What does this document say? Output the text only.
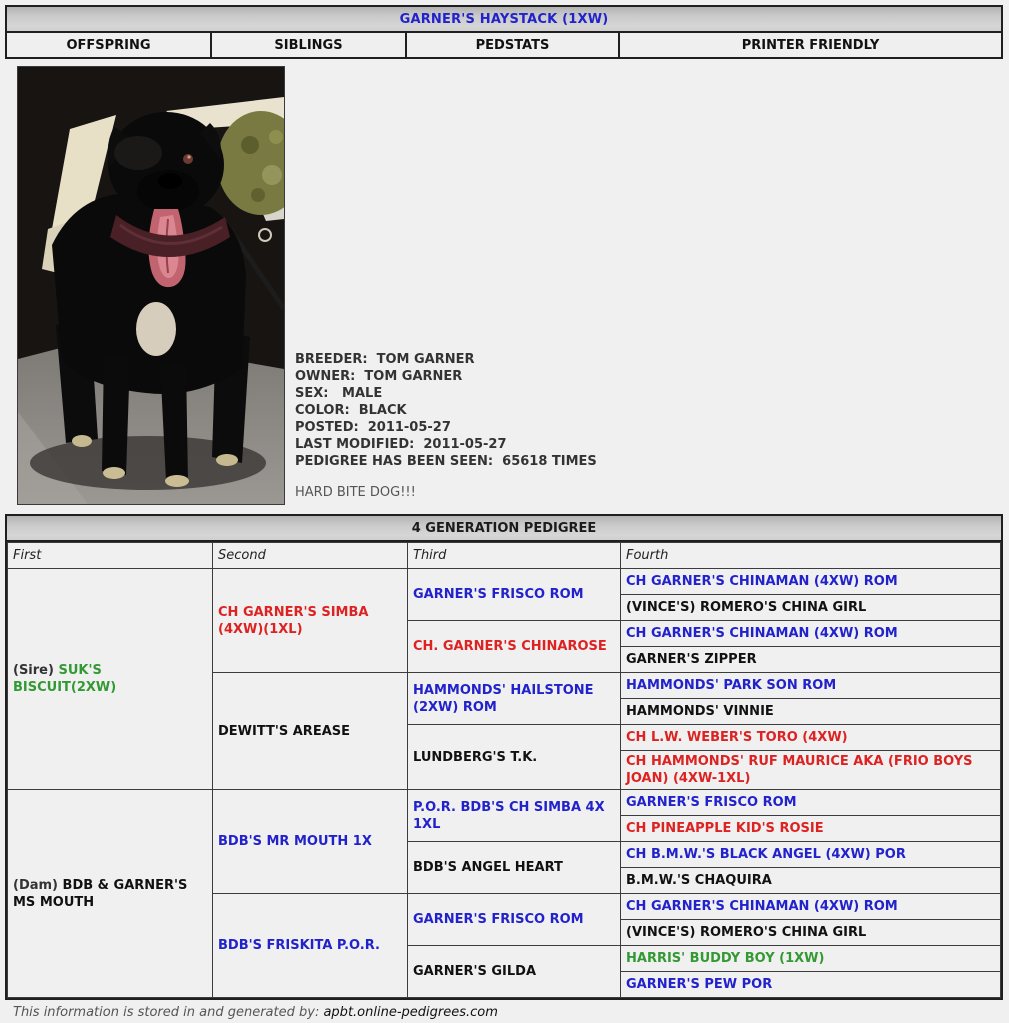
GARNER'S HAYSTACK (1XW)
OFFSPRING	SIBLINGS	PEDSTATS	PRINTER FRIENDLY
BREEDER:  TOM GARNER
OWNER:  TOM GARNER
SEX:   MALE
COLOR:  BLACK
POSTED:  2011-05-27
LAST MODIFIED:  2011-05-27
PEDIGREE HAS BEEN SEEN:  65618 TIMES
HARD BITE DOG!!!
4 GENERATION PEDIGREE
First	Second	Third	Fourth
(Sire) SUK'S BISCUIT(2XW)	CH GARNER'S SIMBA (4XW)(1XL)	GARNER'S FRISCO ROM	CH GARNER'S CHINAMAN (4XW) ROM
			(VINCE'S) ROMERO'S CHINA GIRL
		CH. GARNER'S CHINAROSE	CH GARNER'S CHINAMAN (4XW) ROM
			GARNER'S ZIPPER
	DEWITT'S AREASE	HAMMONDS' HAILSTONE (2XW) ROM	HAMMONDS' PARK SON ROM
			HAMMONDS' VINNIE
		LUNDBERG'S T.K.	CH L.W. WEBER'S TORO (4XW)
			CH HAMMONDS' RUF MAURICE AKA (FRIO BOYS JOAN) (4XW-1XL)
(Dam) BDB & GARNER'S MS MOUTH	BDB'S MR MOUTH 1X	P.O.R. BDB'S CH SIMBA 4X 1XL	GARNER'S FRISCO ROM
			CH PINEAPPLE KID'S ROSIE
		BDB'S ANGEL HEART	CH B.M.W.'S BLACK ANGEL (4XW) POR
			B.M.W.'S CHAQUIRA
	BDB'S FRISKITA P.O.R.	GARNER'S FRISCO ROM	CH GARNER'S CHINAMAN (4XW) ROM
			(VINCE'S) ROMERO'S CHINA GIRL
		GARNER'S GILDA	HARRIS' BUDDY BOY (1XW)
			GARNER'S PEW POR
This information is stored in and generated by: apbt.online-pedigrees.com
